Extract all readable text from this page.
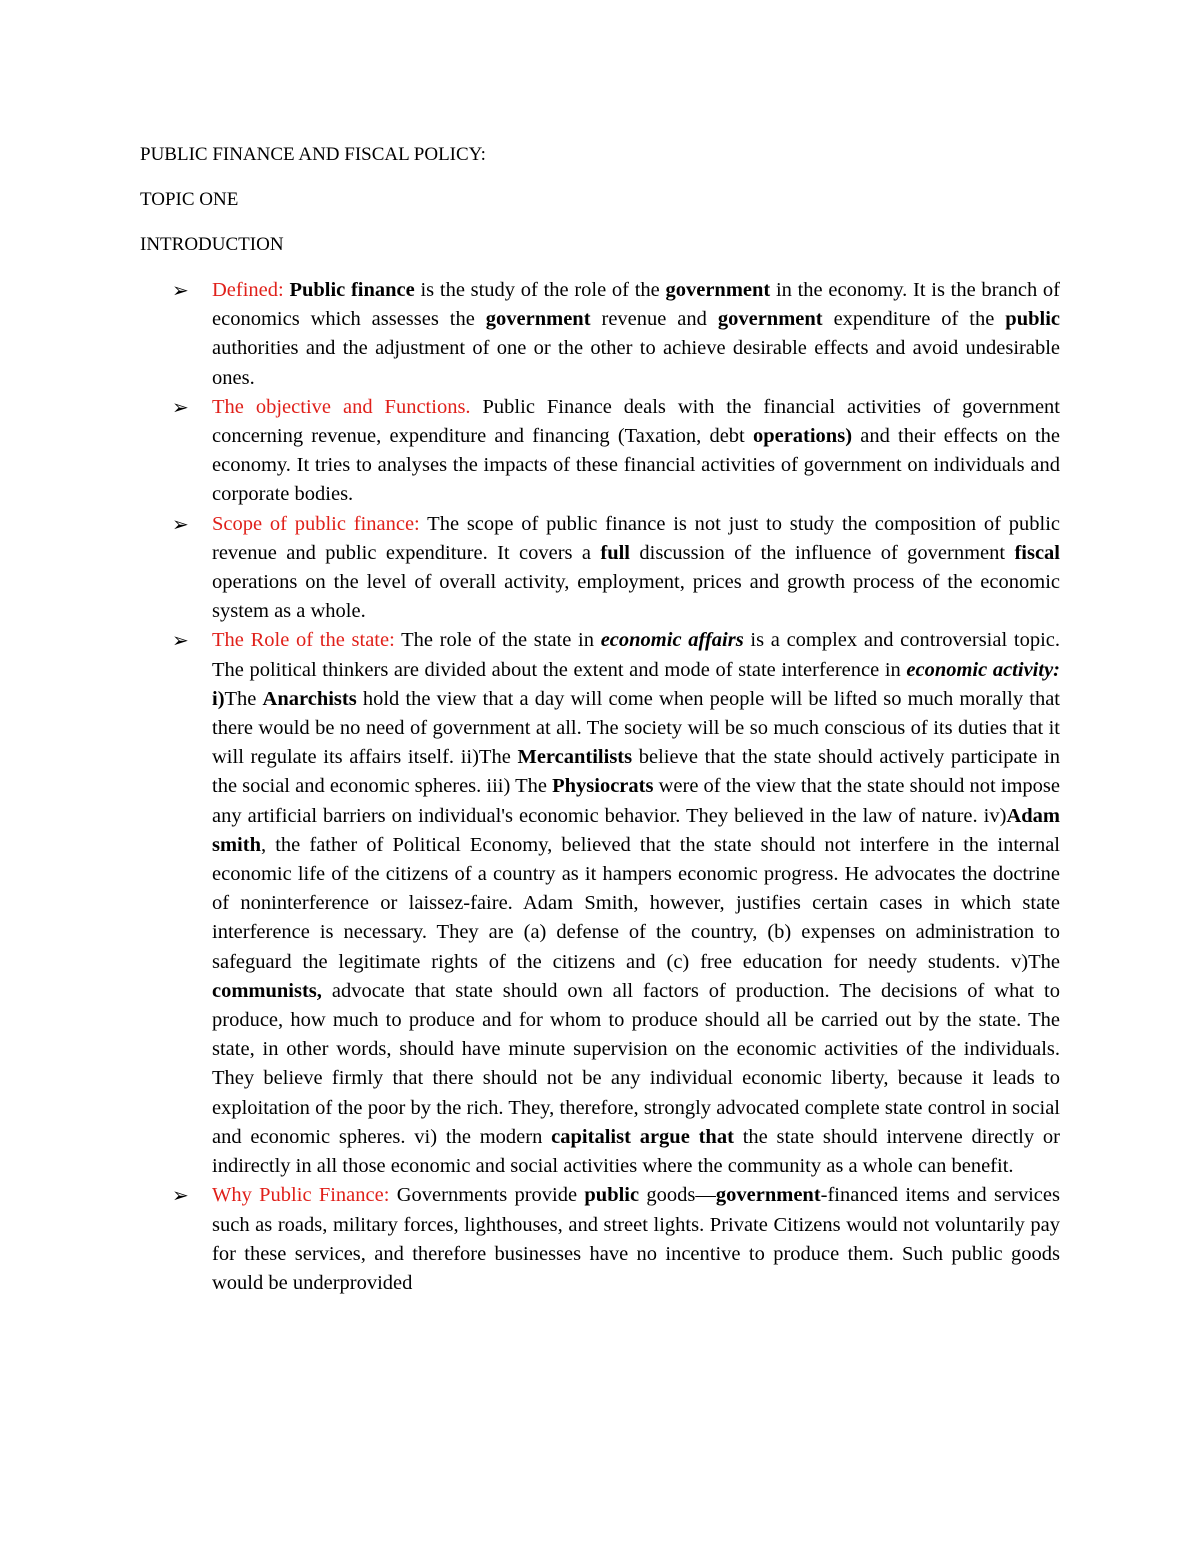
PUBLIC FINANCE AND FISCAL POLICY:
TOPIC ONE
INTRODUCTION
➢ Defined: Public finance is the study of the role of the government in the economy. It is the branch of economics which assesses the government revenue and government expenditure of the public authorities and the adjustment of one or the other to achieve desirable effects and avoid undesirable ones.

➢ The objective and Functions. Public Finance deals with the financial activities of government concerning revenue, expenditure and financing (Taxation, debt operations) and their effects on the economy. It tries to analyses the impacts of these financial activities of government on individuals and corporate bodies.

➢ Scope of public finance: The scope of public finance is not just to study the composition of public revenue and public expenditure. It covers a full discussion of the influence of government fiscal operations on the level of overall activity, employment, prices and growth process of the economic system as a whole.

➢ The Role of the state: The role of the state in economic affairs is a complex and controversial topic. The political thinkers are divided about the extent and mode of state interference in economic activity: i)The Anarchists hold the view that a day will come when people will be lifted so much morally that there would be no need of government at all. The society will be so much conscious of its duties that it will regulate its affairs itself. ii)The Mercantilists believe that the state should actively participate in the social and economic spheres. iii) The Physiocrats were of the view that the state should not impose any artificial barriers on individual's economic behavior. They believed in the law of nature. iv)Adam smith, the father of Political Economy, believed that the state should not interfere in the internal economic life of the citizens of a country as it hampers economic progress. He advocates the doctrine of noninterference or laissez-faire. Adam Smith, however, justifies certain cases in which state interference is necessary. They are (a) defense of the country, (b) expenses on administration to safeguard the legitimate rights of the citizens and (c) free education for needy students. v)The communists, advocate that state should own all factors of production. The decisions of what to produce, how much to produce and for whom to produce should all be carried out by the state. The state, in other words, should have minute supervision on the economic activities of the individuals. They believe firmly that there should not be any individual economic liberty, because it leads to exploitation of the poor by the rich. They, therefore, strongly advocated complete state control in social and economic spheres. vi) the modern capitalist argue that the state should intervene directly or indirectly in all those economic and social activities where the community as a whole can benefit.

➢ Why Public Finance: Governments provide public goods—government-financed items and services such as roads, military forces, lighthouses, and street lights. Private Citizens would not voluntarily pay for these services, and therefore businesses have no incentive to produce them. Such public goods would be underprovided
